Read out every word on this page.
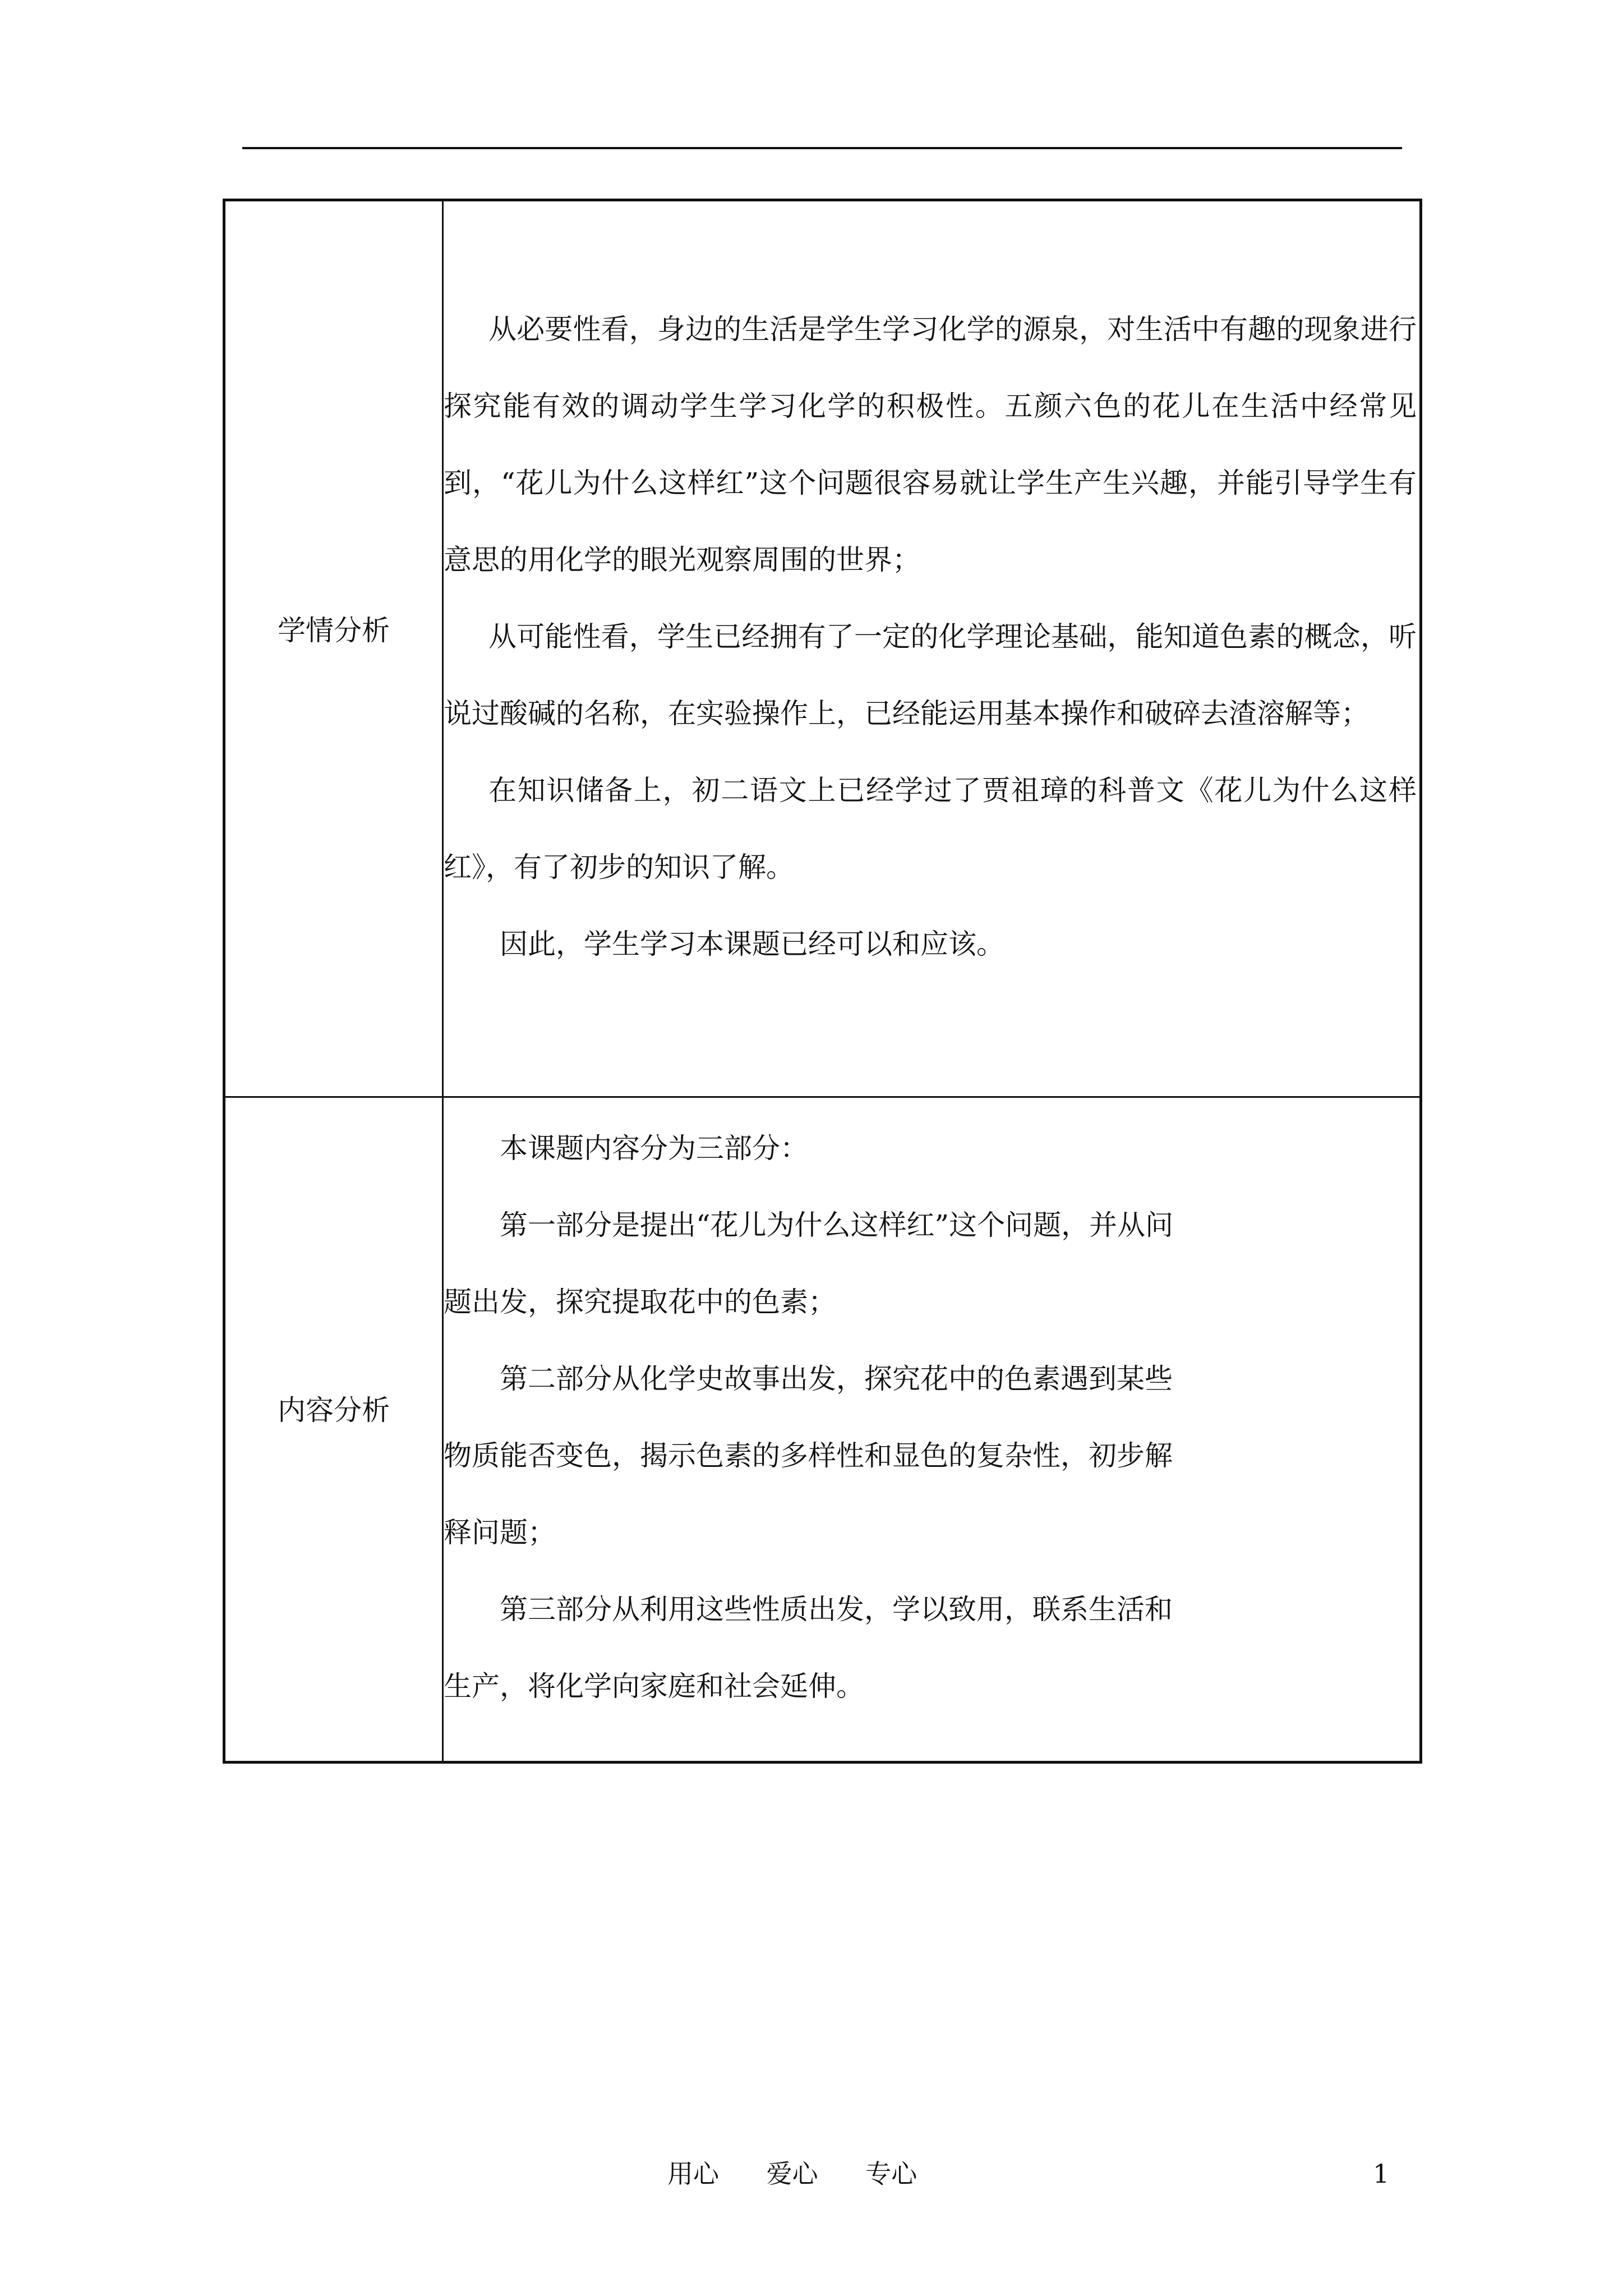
学情分析

从必要性看，身边的生活是学生学习化学的源泉，对生活中有趣的现象进行探究能有效的调动学生学习化学的积极性。五颜六色的花儿在生活中经常见到，“花儿为什么这样红”这个问题很容易就让学生产生兴趣，并能引导学生有意思的用化学的眼光观察周围的世界；

从可能性看，学生已经拥有了一定的化学理论基础，能知道色素的概念，听说过酸碱的名称，在实验操作上，已经能运用基本操作和破碎去渣溶解等；

在知识储备上，初二语文上已经学过了贾祖璋的科普文《花儿为什么这样红》，有了初步的知识了解。

因此，学生学习本课题已经可以和应该。

内容分析

本课题内容分为三部分：

第一部分是提出“花儿为什么这样红”这个问题，并从问题出发，探究提取花中的色素；

第二部分从化学史故事出发，探究花中的色素遇到某些物质能否变色，揭示色素的多样性和显色的复杂性，初步解释问题；

第三部分从利用这些性质出发，学以致用，联系生活和生产，将化学向家庭和社会延伸。

用心 爱心 专心	1
